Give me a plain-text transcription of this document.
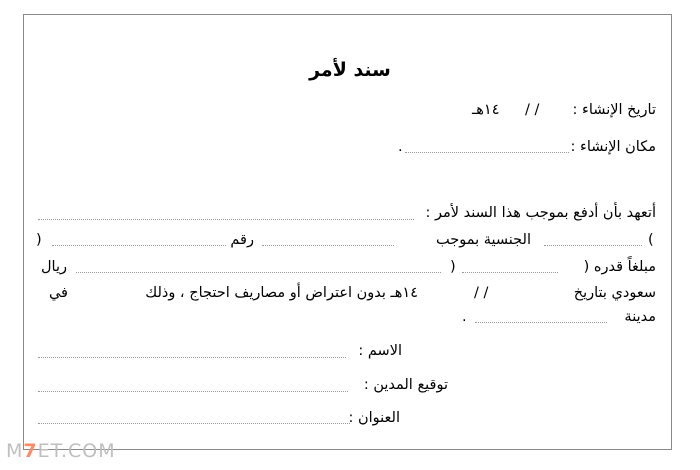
سند لأمر
تاريخ الإنشاء :
/ /
١٤هـ
مكان الإنشاء :
.
أتعهد بأن أدفع بموجب هذا السند لأمر :
(
الجنسية بموجب
رقم
)
مبلغاً قدره (
)
ريال
سعودي بتاريخ
/ /
١٤هـ بدون اعتراض أو مصاريف احتجاج ، وذلك
في
مدينة
.
الاسم :
توقيع المدين :
العنوان :
M7ET.COM
